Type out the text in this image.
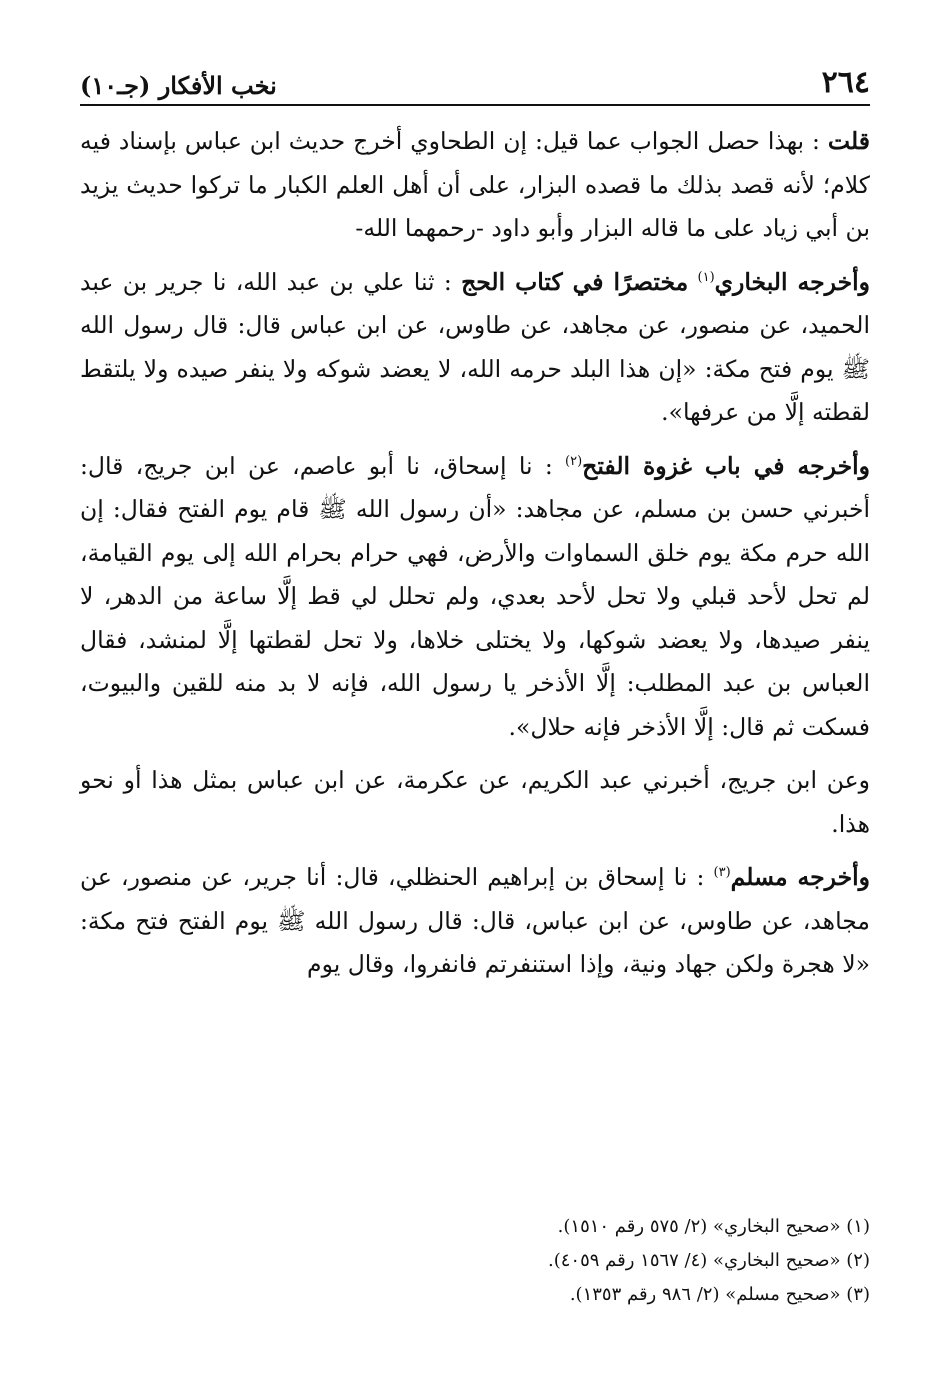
٢٦٤
نخب الأفكار (جـ١٠)

قلت : بهذا حصل الجواب عما قيل: إن الطحاوي أخرج حديث ابن عباس بإسناد فيه كلام؛ لأنه قصد بذلك ما قصده البزار، على أن أهل العلم الكبار ما تركوا حديث يزيد بن أبي زياد على ما قاله البزار وأبو داود -رحمهما الله-

وأخرجه البخاري$^{(١)}$ مختصرًا في كتاب الحج : ثنا علي بن عبد الله، نا جرير بن عبد الحميد، عن منصور، عن مجاهد، عن طاوس، عن ابن عباس قال: قال رسول الله ﷺ يوم فتح مكة: «إن هذا البلد حرمه الله، لا يعضد شوكه ولا ينفر صيده ولا يلتقط لقطته إلَّا من عرفها».

وأخرجه في باب غزوة الفتح$^{(٢)}$ : نا إسحاق، نا أبو عاصم، عن ابن جريج، قال: أخبرني حسن بن مسلم، عن مجاهد: «أن رسول الله ﷺ قام يوم الفتح فقال: إن الله حرم مكة يوم خلق السماوات والأرض، فهي حرام بحرام الله إلى يوم القيامة، لم تحل لأحد قبلي ولا تحل لأحد بعدي، ولم تحلل لي قط إلَّا ساعة من الدهر، لا ينفر صيدها، ولا يعضد شوكها، ولا يختلى خلاها، ولا تحل لقطتها إلَّا لمنشد، فقال العباس بن عبد المطلب: إلَّا الأذخر يا رسول الله، فإنه لا بد منه للقين والبيوت، فسكت ثم قال: إلَّا الأذخر فإنه حلال».

وعن ابن جريج، أخبرني عبد الكريم، عن عكرمة، عن ابن عباس بمثل هذا أو نحو هذا.

وأخرجه مسلم$^{(٣)}$ : نا إسحاق بن إبراهيم الحنظلي، قال: أنا جرير، عن منصور، عن مجاهد، عن طاوس، عن ابن عباس، قال: قال رسول الله ﷺ يوم الفتح فتح مكة: «لا هجرة ولكن جهاد ونية، وإذا استنفرتم فانفروا، وقال يوم

(١) «صحيح البخاري» (٢/ ٥٧٥ رقم ١٥١٠).

(٢) «صحيح البخاري» (٤/ ١٥٦٧ رقم ٤٠٥٩).

(٣) «صحيح مسلم» (٢/ ٩٨٦ رقم ١٣٥٣).
